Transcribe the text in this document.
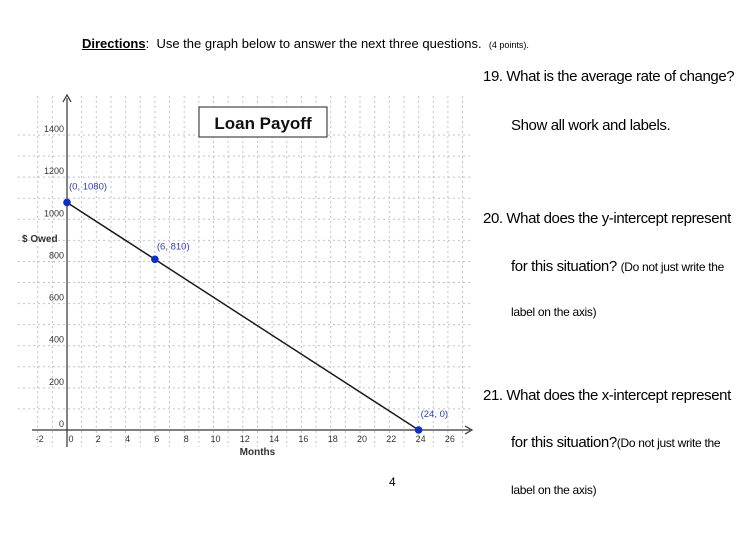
Directions: Use the graph below to answer the next three questions. (4 points).
0
200
400
600
800
1000
1200
1400
-2	0 2	4	6	8 10 12 14 16 18 20 22 24 26
$ Owed
Months
Loan Payoff
(0, 1080)
(6, 810)
(24, 0)
19. What is the average rate of change?
Show all work and labels.
20. What does the y-intercept represent
for this situation? (Do not just write the
label on the axis)
21. What does the x-intercept represent
for this situation?(Do not just write the
label on the axis)
4
